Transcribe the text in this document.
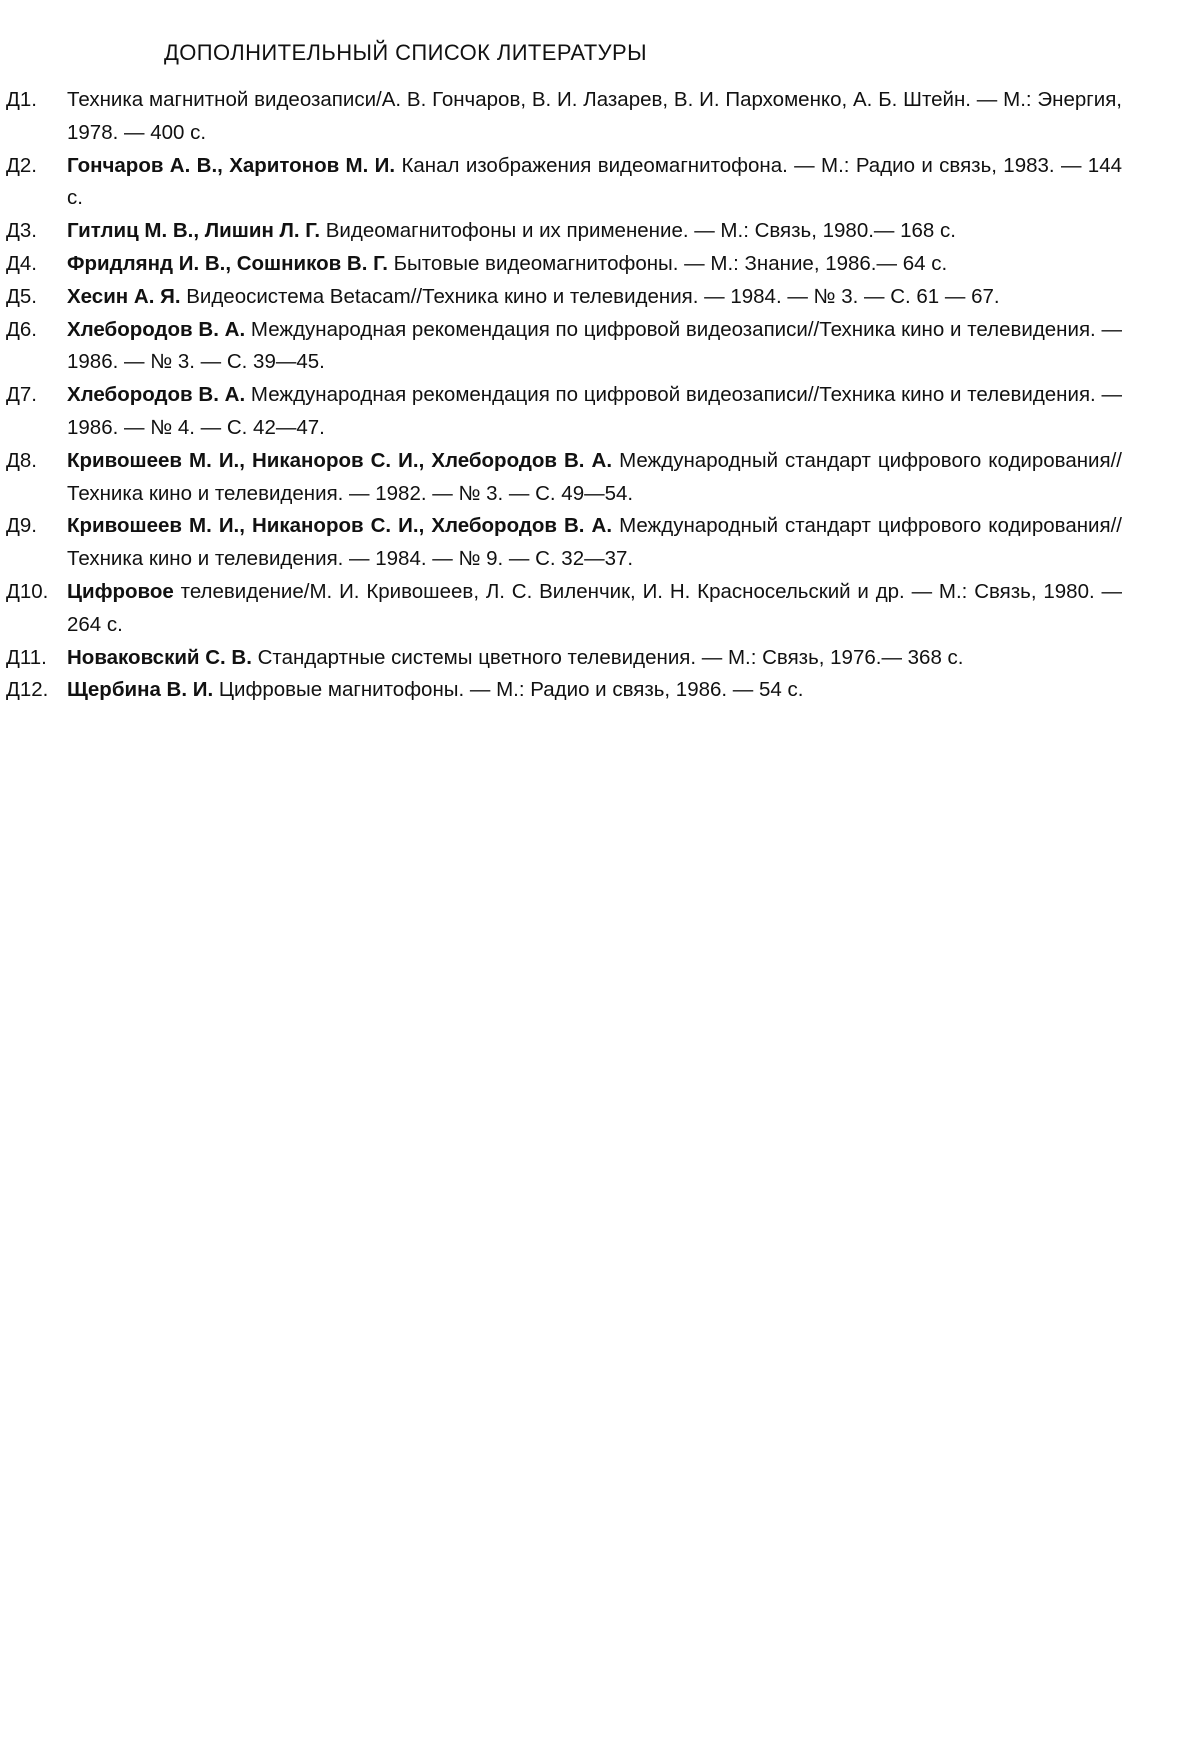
ДОПОЛНИТЕЛЬНЫЙ СПИСОК ЛИТЕРАТУРЫ
Д1.	Техника магнитной видеозаписи/А. В. Гончаров, В. И. Лазарев, В. И. Пархоменко, А. Б. Штейн. — М.: Энергия, 1978. — 400 с.
Д2.	Гончаров А. В., Харитонов М. И. Канал изображения видеомагнитофона. — М.: Радио и связь, 1983. — 144 с.
Д3.	Гитлиц М. В., Лишин Л. Г. Видеомагнитофоны и их применение. — М.: Связь, 1980.— 168 с.
Д4.	Фридлянд И. В., Сошников В. Г. Бытовые видеомагнитофоны. — М.: Знание, 1986.— 64 с.
Д5.	Хесин А. Я. Видеосистема Betacam//Техника кино и телевидения. — 1984. — № 3. — С. 61 — 67.
Д6.	Хлебородов В. А. Международная рекомендация по цифровой видеозаписи//Техника кино и телевидения. — 1986. — № 3. — С. 39—45.
Д7.	Хлебородов В. А. Международная рекомендация по цифровой видеозаписи//Техника кино и телевидения. — 1986. — № 4. — С. 42—47.
Д8.	Кривошеев М. И., Никаноров С. И., Хлебородов В. А. Международный стандарт цифрового кодирования//Техника кино и телевидения. — 1982. — № 3. — С. 49—54.
Д9.	Кривошеев М. И., Никаноров С. И., Хлебородов В. А. Международный стандарт цифрового кодирования//Техника кино и телевидения. — 1984. — № 9. — С. 32—37.
Д10. Цифровое телевидение/М. И. Кривошеев, Л. С. Виленчик, И. Н. Красносельский и др. — М.: Связь, 1980. — 264 с.
Д11. Новаковский С. В. Стандартные системы цветного телевидения. — М.: Связь, 1976.— 368 с.
Д12. Щербина В. И. Цифровые магнитофоны. — М.: Радио и связь, 1986. — 54 с.
